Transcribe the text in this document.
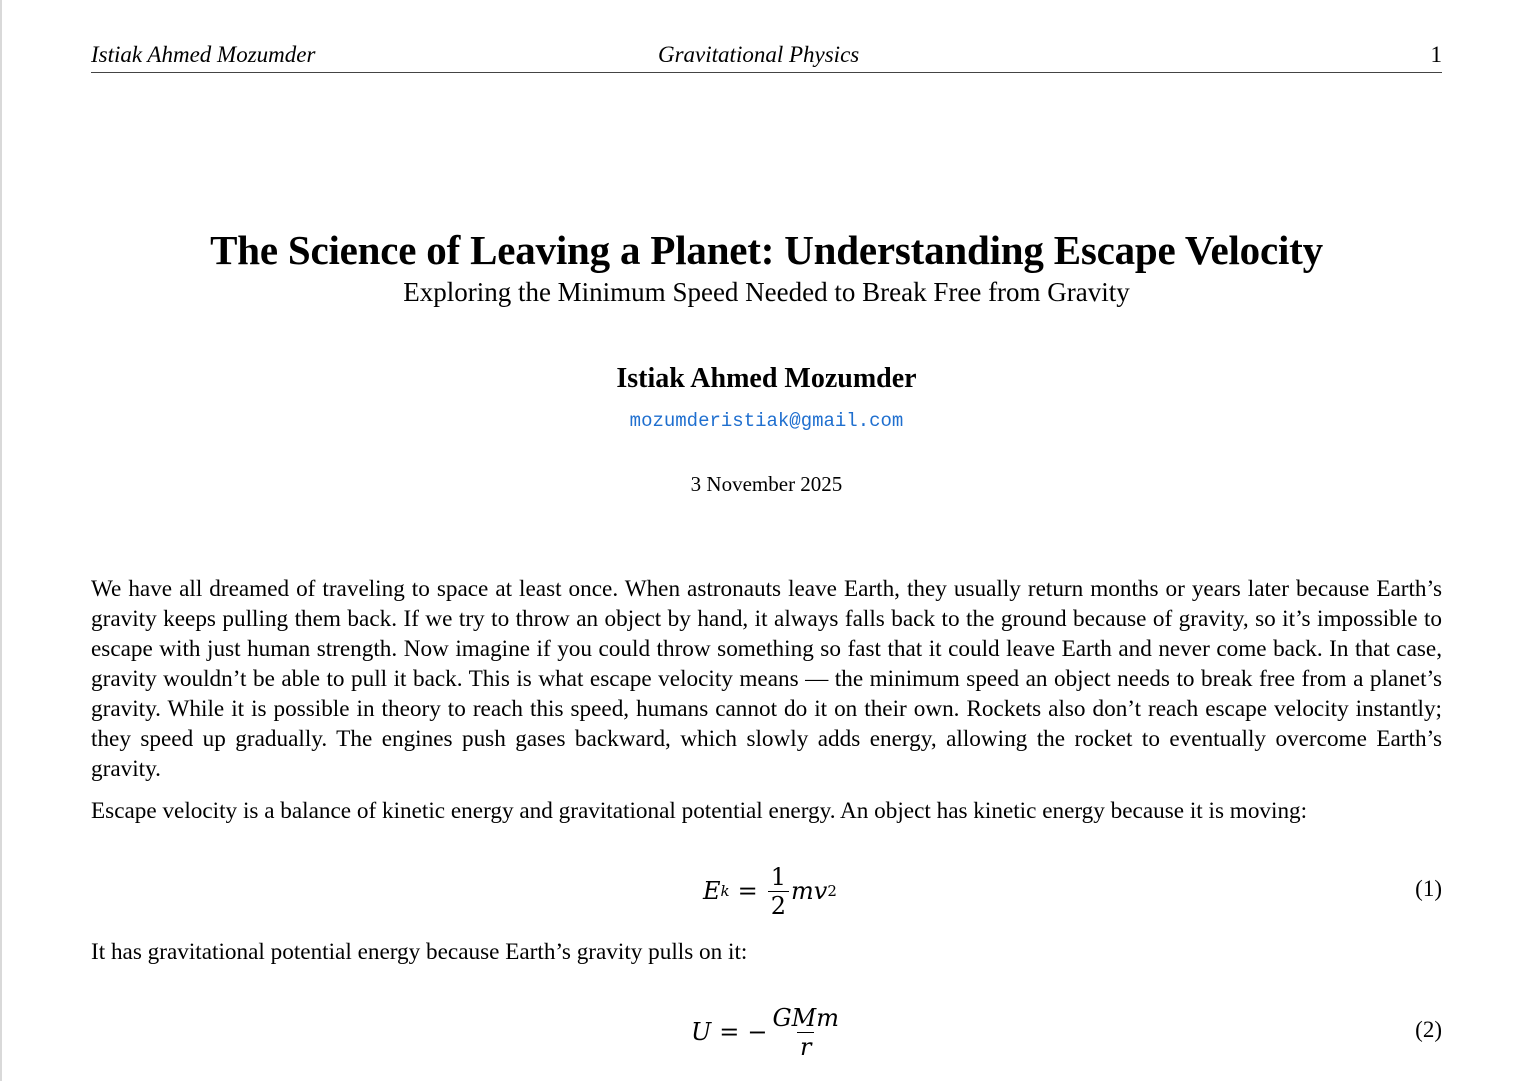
Istiak Ahmed Mozumder	Gravitational Physics	1
The Science of Leaving a Planet: Understanding Escape Velocity
Exploring the Minimum Speed Needed to Break Free from Gravity
Istiak Ahmed Mozumder
mozumderistiak@gmail.com
3 November 2025

We have all dreamed of traveling to space at least once. When astronauts leave Earth, they usually return months or years later because Earth’s gravity keeps pulling them back. If we try to throw an object by hand, it always falls back to the ground because of gravity, so it’s impossible to escape with just human strength. Now imagine if you could throw something so fast that it could leave Earth and never come back. In that case, gravity wouldn’t be able to pull it back. This is what escape velocity means — the minimum speed an object needs to break free from a planet’s gravity. While it is possible in theory to reach this speed, humans cannot do it on their own. Rockets also don’t reach escape velocity instantly; they speed up gradually. The engines push gases backward, which slowly adds energy, allowing the rocket to eventually overcome Earth’s gravity.

Escape velocity is a balance of kinetic energy and gravitational potential energy. An object has kinetic energy because it is moving:

E $k = \frac{1}{2}$ mv 2	(1)

It has gravitational potential energy because Earth’s gravity pulls on it:

U = − $\frac{\text{GMm}}{r}$	(2)
